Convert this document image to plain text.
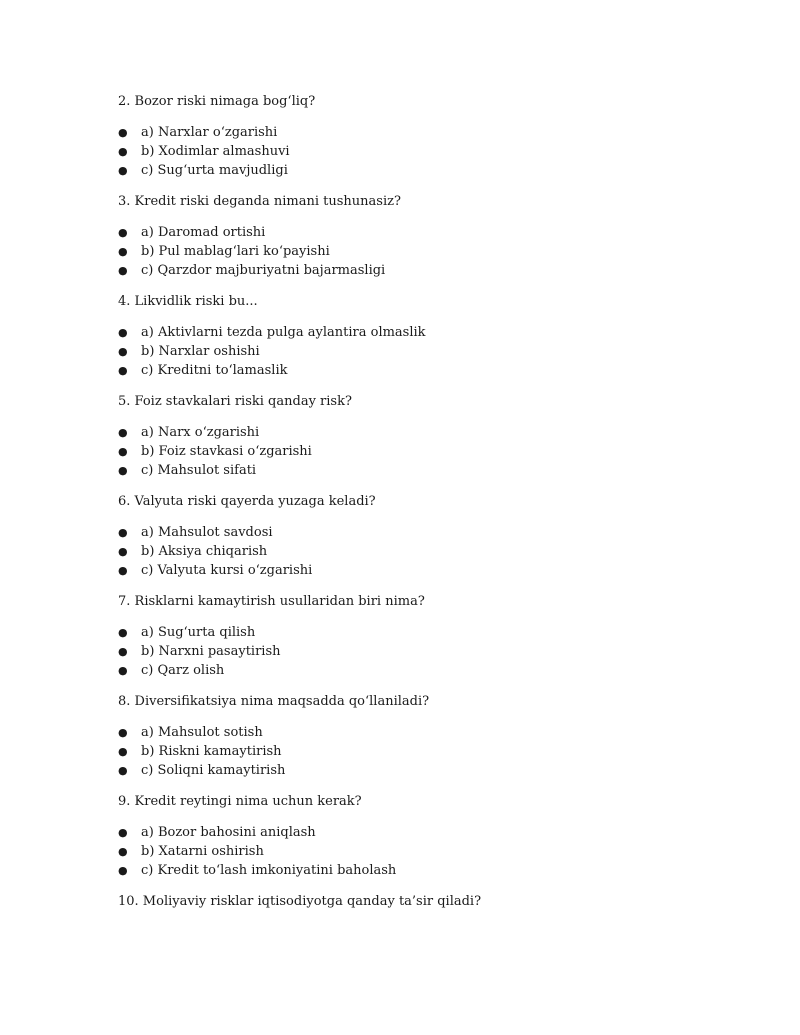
2. Bozor riski nimaga bog‘liq?

● a) Narxlar o‘zgarishi
● b) Xodimlar almashuvi
● c) Sug‘urta mavjudligi

3. Kredit riski deganda nimani tushunasiz?

● a) Daromad ortishi
● b) Pul mablag‘lari ko‘payishi
● c) Qarzdor majburiyatni bajarmasligi

4. Likvidlik riski bu...

● a) Aktivlarni tezda pulga aylantira olmaslik
● b) Narxlar oshishi
● c) Kreditni to‘lamaslik

5. Foiz stavkalari riski qanday risk?

● a) Narx o‘zgarishi
● b) Foiz stavkasi o‘zgarishi
● c) Mahsulot sifati

6. Valyuta riski qayerda yuzaga keladi?

● a) Mahsulot savdosi
● b) Aksiya chiqarish
● c) Valyuta kursi o‘zgarishi

7. Risklarni kamaytirish usullaridan biri nima?

● a) Sug‘urta qilish
● b) Narxni pasaytirish
● c) Qarz olish

8. Diversifikatsiya nima maqsadda qo‘llaniladi?

● a) Mahsulot sotish
● b) Riskni kamaytirish
● c) Soliqni kamaytirish

9. Kredit reytingi nima uchun kerak?

● a) Bozor bahosini aniqlash
● b) Xatarni oshirish
● c) Kredit to‘lash imkoniyatini baholash

10. Moliyaviy risklar iqtisodiyotga qanday ta’sir qiladi?
